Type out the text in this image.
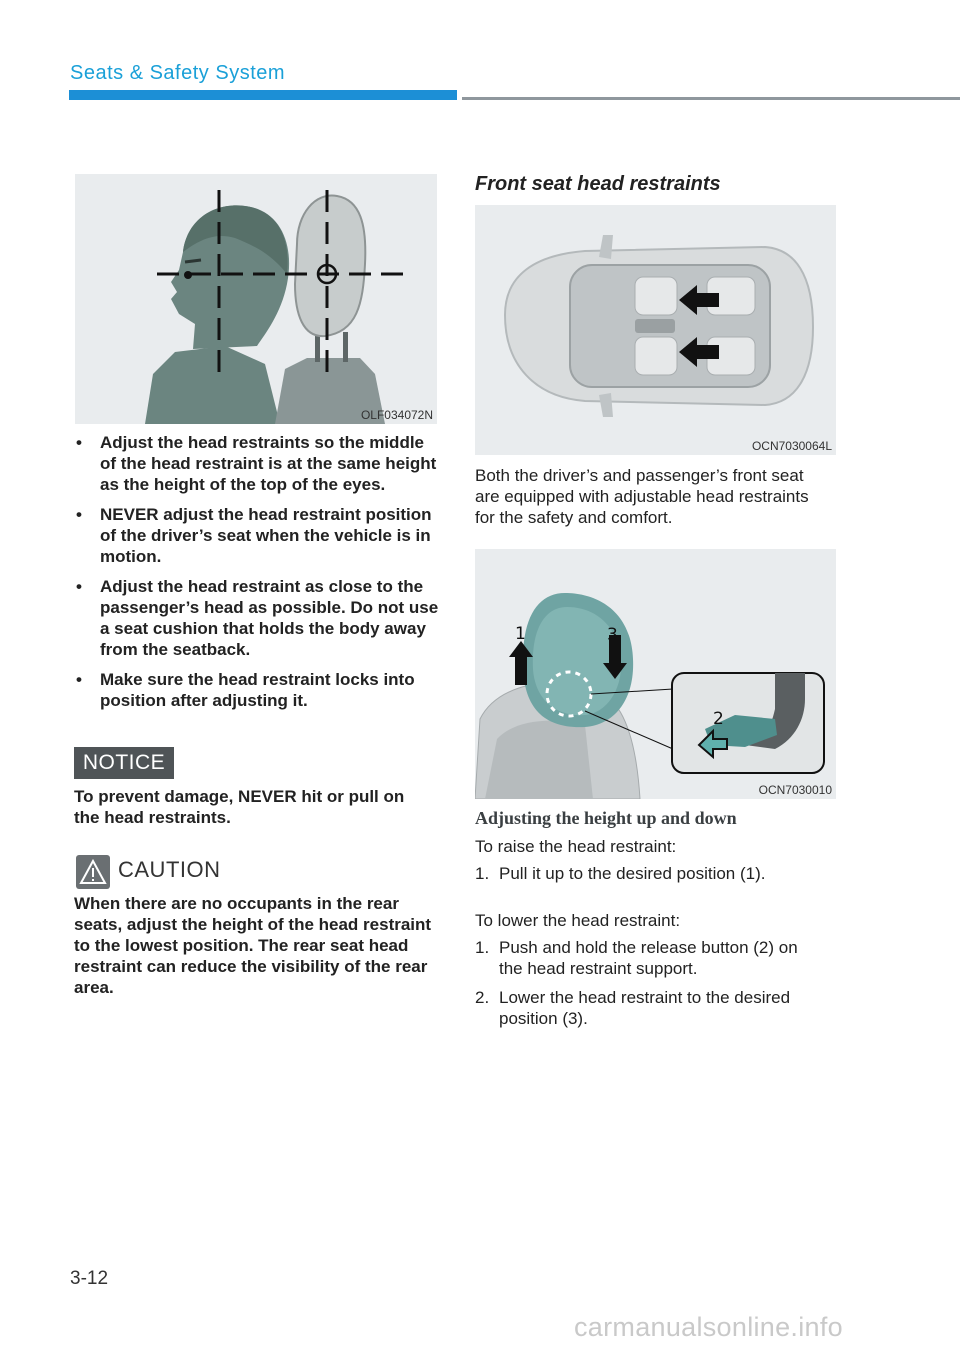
Seats & Safety System
OLF034072N
• Adjust the head restraints so the middle of the head restraint is at the same height as the height of the top of the eyes.
• NEVER adjust the head restraint position of the driver’s seat when the vehicle is in motion.
• Adjust the head restraint as close to the passenger’s head as possible. Do not use a seat cushion that holds the body away from the seatback.
• Make sure the head restraint locks into position after adjusting it.
NOTICE
To prevent damage, NEVER hit or pull on the head restraints.
CAUTION
When there are no occupants in the rear seats, adjust the height of the head restraint to the lowest position. The rear seat head restraint can reduce the visibility of the rear area.
Front seat head restraints
OCN7030064L
Both the driver’s and passenger’s front seat are equipped with adjustable head restraints for the safety and comfort.
1	3
2
OCN7030010
Adjusting the height up and down
To raise the head restraint:
1. Pull it up to the desired position (1).
To lower the head restraint:
1. Push and hold the release button (2) on the head restraint support.
2. Lower the head restraint to the desired position (3).
3-12
carmanualsonline.info
